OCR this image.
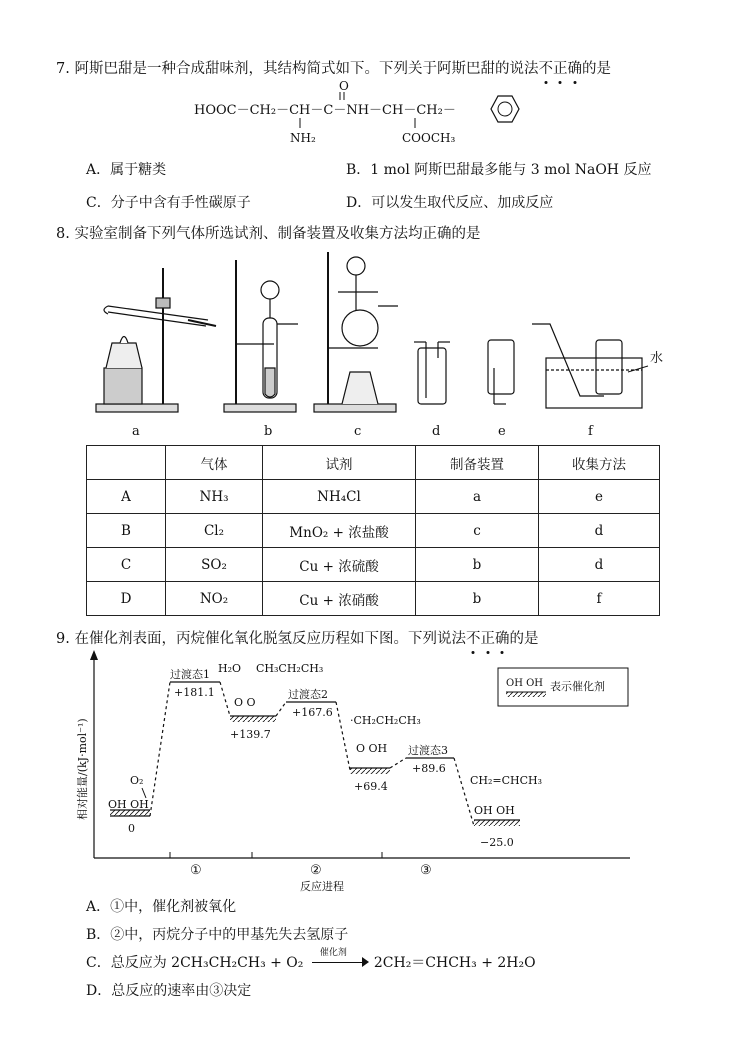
7. 阿斯巴甜是一种合成甜味剂，其结构简式如下。下列关于阿斯巴甜的说法不
正
确
的是
O
HOOC－CH₂－CH－C－NH－CH－CH₂－
NH₂	COOCH₃
A．属于糖类	B．1 mol 阿斯巴甜最多能与 3 mol NaOH 反应
C．分子中含有手性碳原子	D．可以发生取代反应、加成反应
8. 实验室制备下列气体所选试剂、制备装置及收集方法均正确的是
水
a	b	c	d	e	f
	气体	试剂	制备装置	收集方法
A	NH₃	NH₄Cl	a	e
B	Cl₂	MnO₂ + 浓盐酸	c	d
C	SO₂	Cu + 浓硫酸	b	d
D	NO₂	Cu + 浓硝酸	b	f
9. 在催化剂表面，丙烷催化氧化脱氢反应历程如下图。下列说法不
正
确
的是
相对能量/(kJ·mol⁻¹)
反应进程
①	②	③
OH OH 表示催化剂
OH OH
O₂
0
过渡态1
+181.1
H₂O CH₃CH₂CH₃
O O
+139.7
过渡态2
+167.6
·CH₂CH₂CH₃
O OH
+69.4
过渡态3
+89.6
CH₂=CHCH₃
OH OH
−25.0
A．①中，催化剂被氧化
B．②中，丙烷分子中的甲基先失去氢原子
C．总反应为 2CH₃CH₂CH₃ + O₂
催化剂
2CH₂＝CHCH₃ + 2H₂O
D．总反应的速率由③决定
